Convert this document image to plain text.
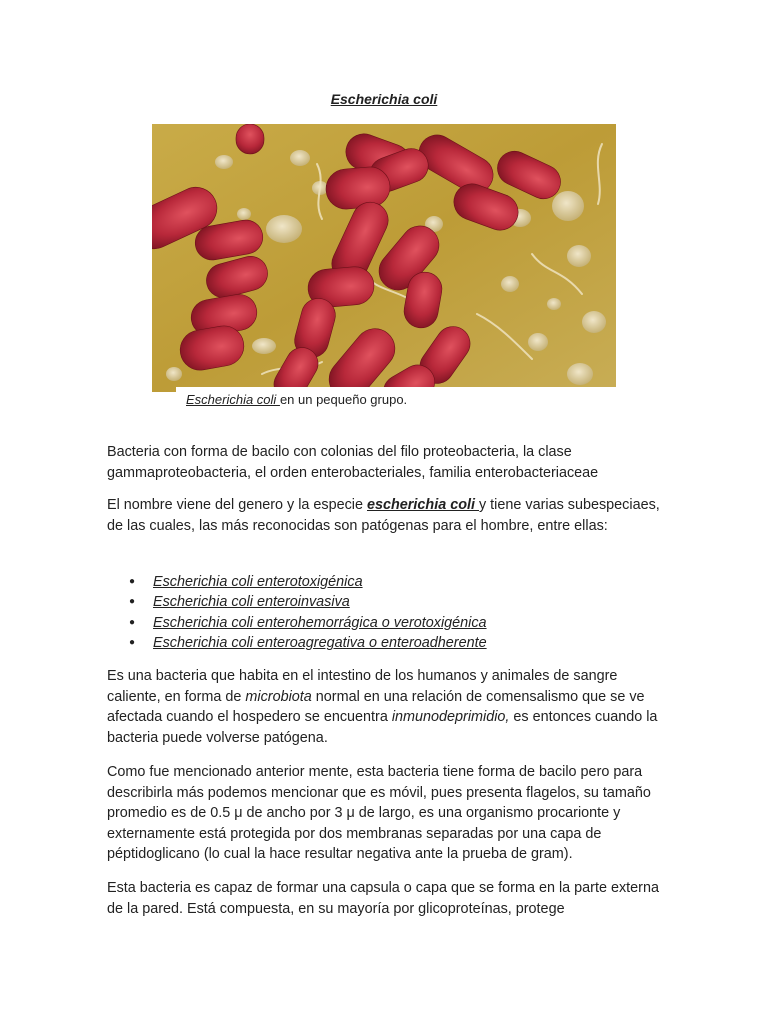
Escherichia coli
Escherichia coli en un pequeño grupo.

Bacteria con forma de bacilo con colonias del filo proteobacteria, la clase gammaproteobacteria, el orden enterobacteriales, familia enterobacteriaceae

El nombre viene del genero y la especie escherichia coli y tiene varias subespeciaes, de las cuales, las más reconocidas son patógenas para el hombre, entre ellas:

●	Escherichia coli enterotoxigénica
●	Escherichia coli enteroinvasiva
●	Escherichia coli enterohemorrágica o verotoxigénica
●	Escherichia coli enteroagregativa o enteroadherente

Es una bacteria que habita en el intestino de los humanos y animales de sangre caliente, en forma de microbiota normal en una relación de comensalismo que se ve afectada cuando el hospedero se encuentra inmunodeprimidio, es entonces cuando la bacteria puede volverse patógena.

Como fue mencionado anterior mente, esta bacteria tiene forma de bacilo pero para describirla más podemos mencionar que es móvil, pues presenta flagelos, su tamaño promedio es de 0.5 μ de ancho por 3 μ de largo, es una organismo procarionte y externamente está protegida por dos membranas separadas por una capa de péptidoglicano (lo cual la hace resultar negativa ante la prueba de gram).

Esta bacteria es capaz de formar una capsula o capa que se forma en la parte externa de la pared. Está compuesta, en su mayoría por glicoproteínas, protege
